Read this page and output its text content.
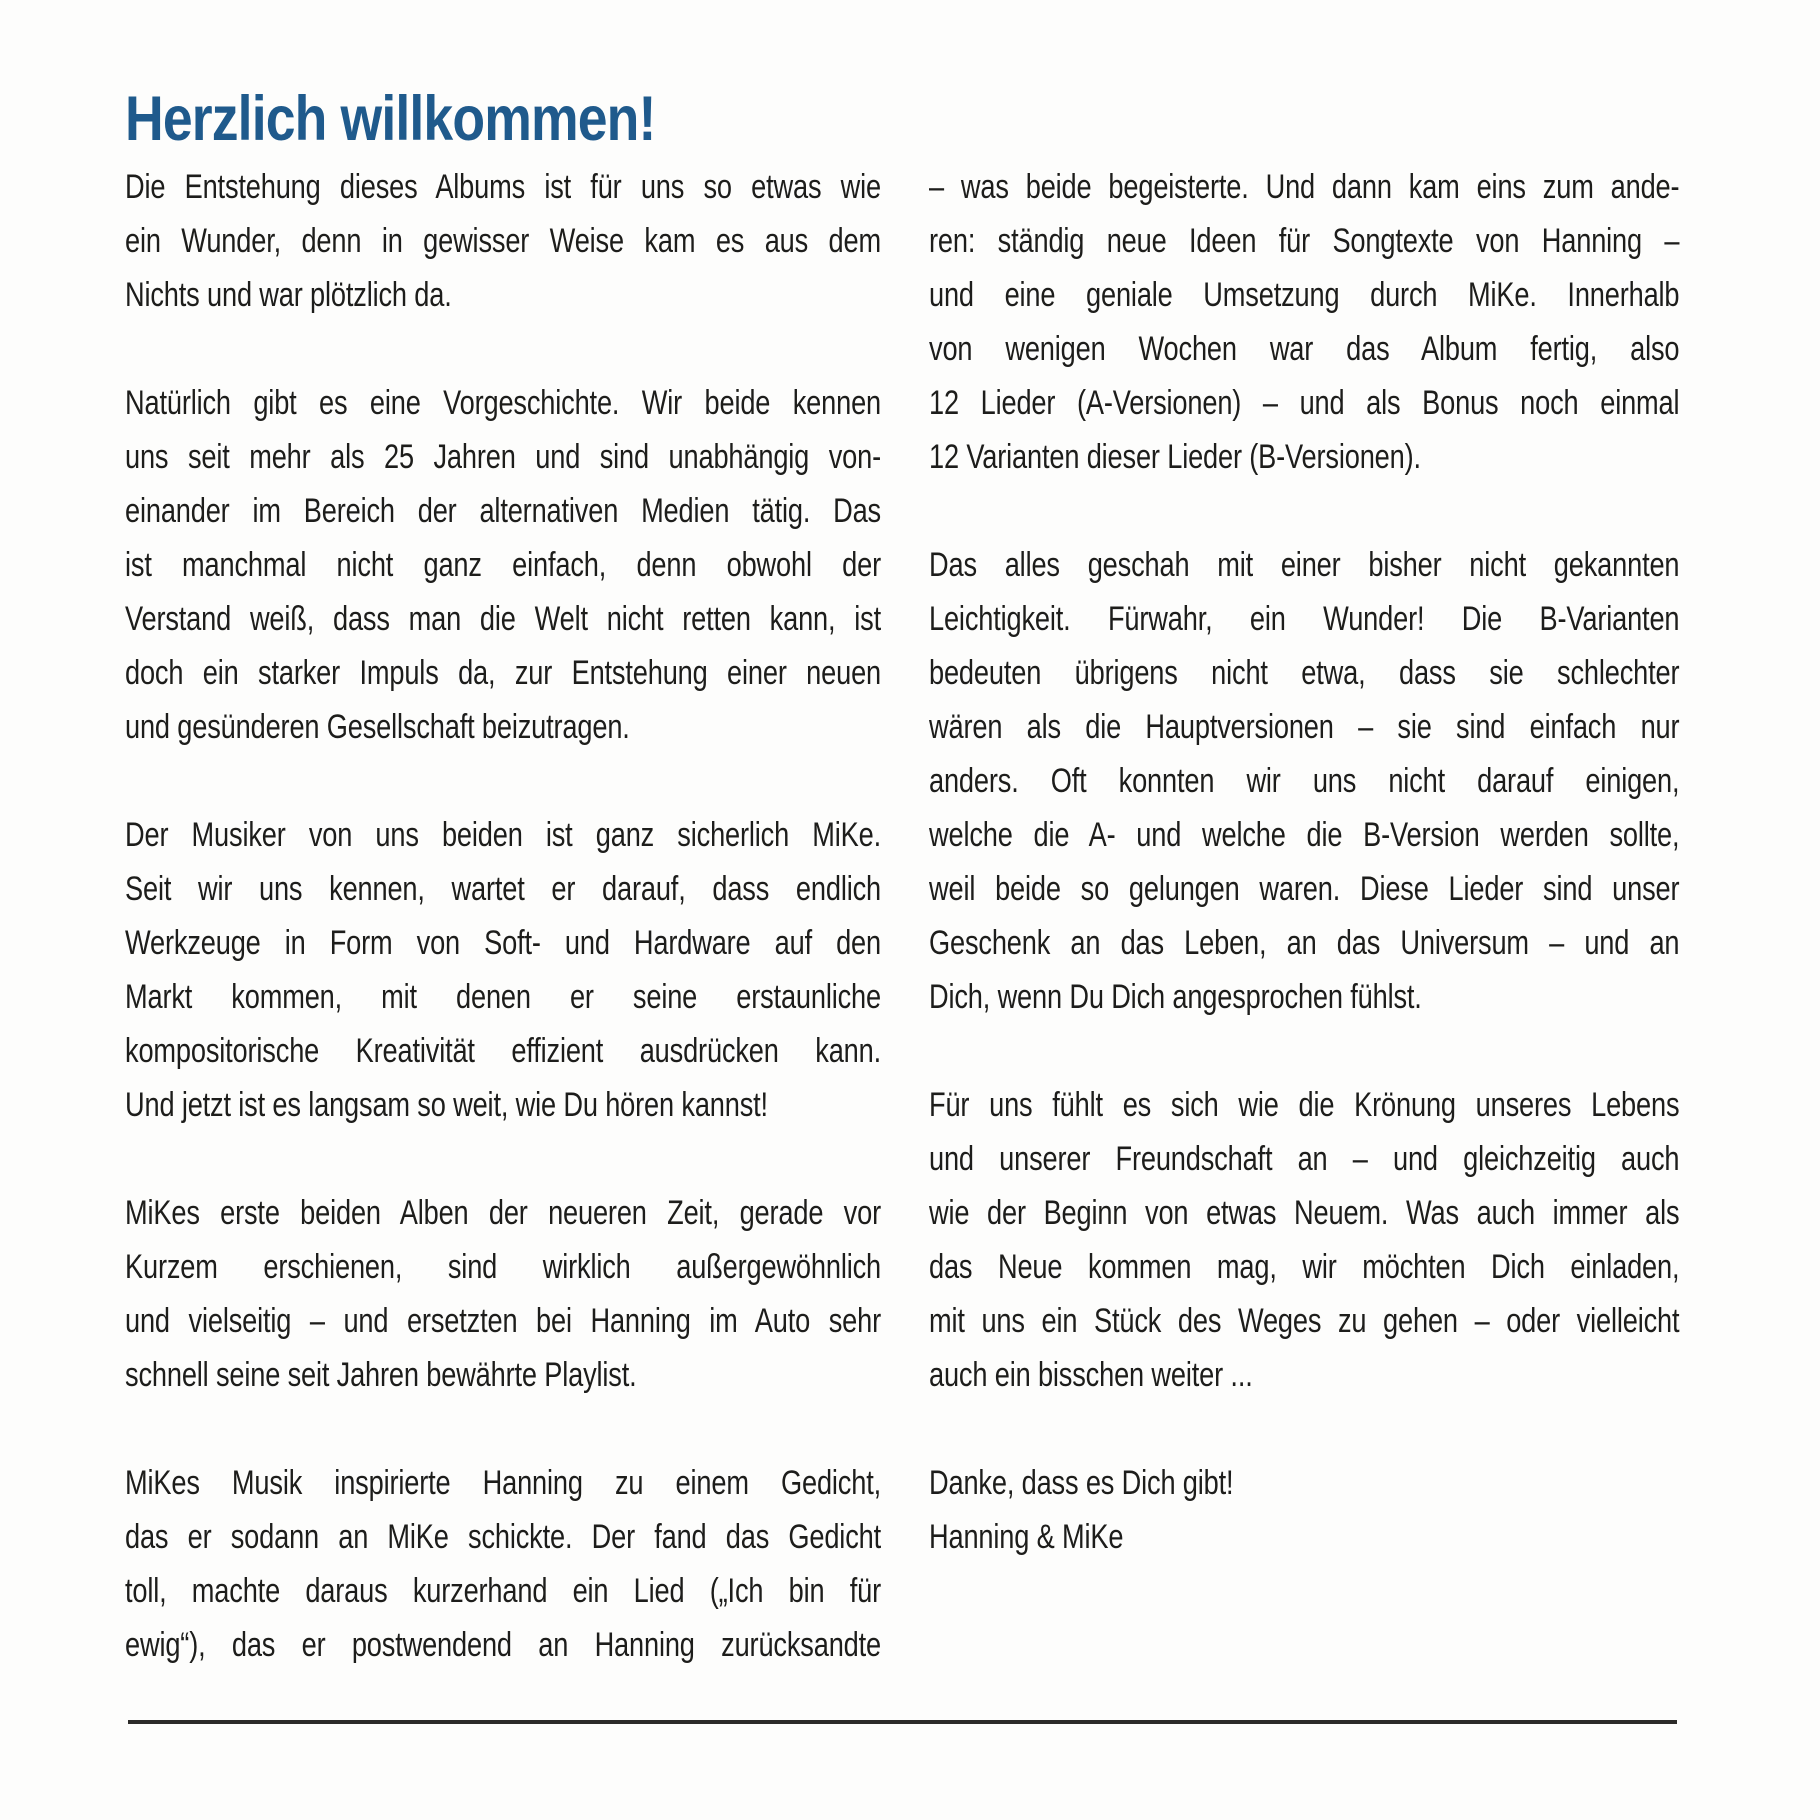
Herzlich willkommen!
Die Entstehung dieses Albums ist für uns so etwas wie
ein Wunder, denn in gewisser Weise kam es aus dem
Nichts und war plötzlich da.
Natürlich gibt es eine Vorgeschichte. Wir beide kennen
uns seit mehr als 25 Jahren und sind unabhängig von-
einander im Bereich der alternativen Medien tätig. Das
ist manchmal nicht ganz einfach, denn obwohl der
Verstand weiß, dass man die Welt nicht retten kann, ist
doch ein starker Impuls da, zur Entstehung einer neuen
und gesünderen Gesellschaft beizutragen.
Der Musiker von uns beiden ist ganz sicherlich MiKe.
Seit wir uns kennen, wartet er darauf, dass endlich
Werkzeuge in Form von Soft- und Hardware auf den
Markt kommen, mit denen er seine erstaunliche
kompositorische Kreativität effizient ausdrücken kann.
Und jetzt ist es langsam so weit, wie Du hören kannst!
MiKes erste beiden Alben der neueren Zeit, gerade vor
Kurzem erschienen, sind wirklich außergewöhnlich
und vielseitig – und ersetzten bei Hanning im Auto sehr
schnell seine seit Jahren bewährte Playlist.
MiKes Musik inspirierte Hanning zu einem Gedicht,
das er sodann an MiKe schickte. Der fand das Gedicht
toll, machte daraus kurzerhand ein Lied („Ich bin für
ewig“), das er postwendend an Hanning zurücksandte
– was beide begeisterte. Und dann kam eins zum ande-
ren: ständig neue Ideen für Songtexte von Hanning –
und eine geniale Umsetzung durch MiKe. Innerhalb
von wenigen Wochen war das Album fertig, also
12 Lieder (A-Versionen) – und als Bonus noch einmal
12 Varianten dieser Lieder (B-Versionen).
Das alles geschah mit einer bisher nicht gekannten
Leichtigkeit. Fürwahr, ein Wunder! Die B-Varianten
bedeuten übrigens nicht etwa, dass sie schlechter
wären als die Hauptversionen – sie sind einfach nur
anders. Oft konnten wir uns nicht darauf einigen,
welche die A- und welche die B-Version werden sollte,
weil beide so gelungen waren. Diese Lieder sind unser
Geschenk an das Leben, an das Universum – und an
Dich, wenn Du Dich angesprochen fühlst.
Für uns fühlt es sich wie die Krönung unseres Lebens
und unserer Freundschaft an – und gleichzeitig auch
wie der Beginn von etwas Neuem. Was auch immer als
das Neue kommen mag, wir möchten Dich einladen,
mit uns ein Stück des Weges zu gehen – oder vielleicht
auch ein bisschen weiter ...
Danke, dass es Dich gibt!
Hanning & MiKe
